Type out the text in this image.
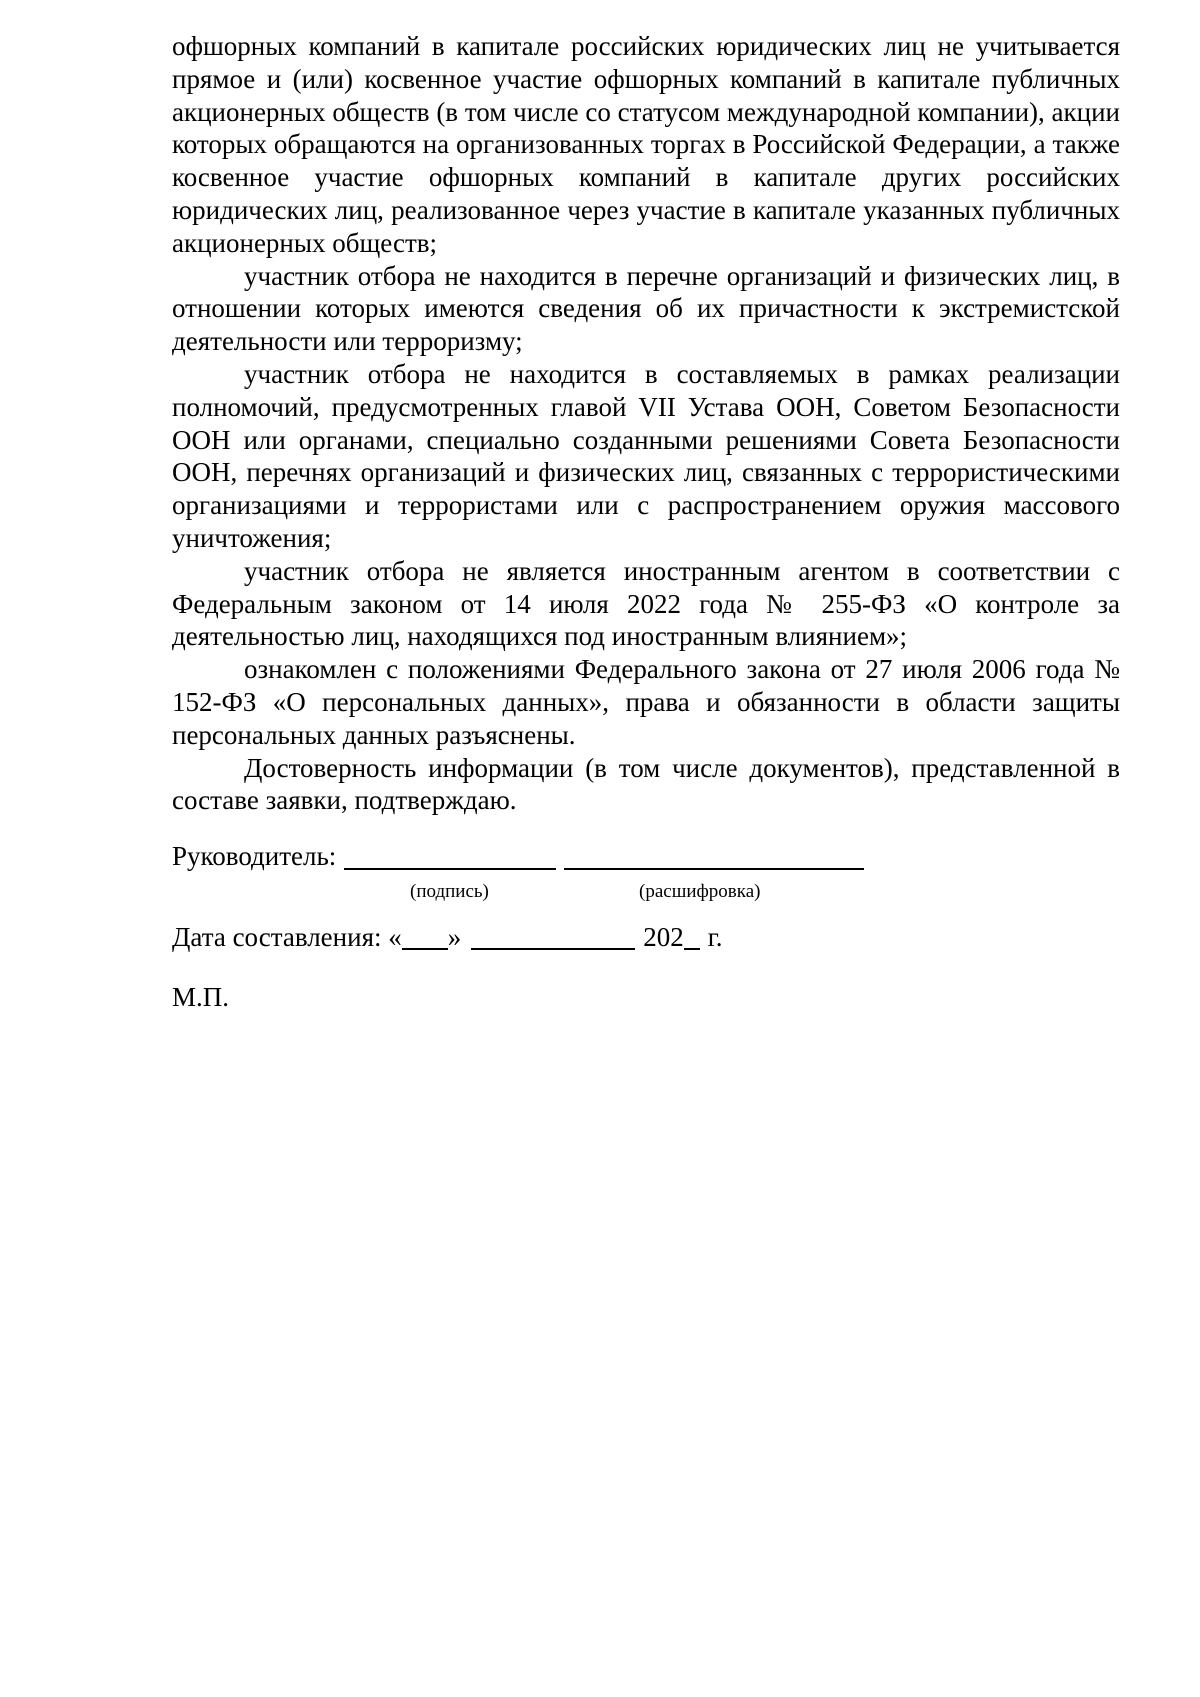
офшорных компаний в капитале российских юридических лиц не учитывается прямое и (или) косвенное участие офшорных компаний в капитале публичных акционерных обществ (в том числе со статусом международной компании), акции которых обращаются на организованных торгах в Российской Федерации, а также косвенное участие офшорных компаний в капитале других российских юридических лиц, реализованное через участие в капитале указанных публичных акционерных обществ;

участник отбора не находится в перечне организаций и физических лиц, в отношении которых имеются сведения об их причастности к экстремистской деятельности или терроризму;

участник отбора не находится в составляемых в рамках реализации полномочий, предусмотренных главой VII Устава ООН, Советом Безопасности ООН или органами, специально созданными решениями Совета Безопасности ООН, перечнях организаций и физических лиц, связанных с террористическими организациями и террористами или с распространением оружия массового уничтожения;

участник отбора не является иностранным агентом в соответствии с Федеральным законом от 14 июля 2022 года № 255-ФЗ «О контроле за деятельностью лиц, находящихся под иностранным влиянием»;

ознакомлен с положениями Федерального закона от 27 июля 2006 года № 152-ФЗ «О персональных данных», права и обязанности в области защиты персональных данных разъяснены.

Достоверность информации (в том числе документов), представленной в составе заявки, подтверждаю.

Руководитель:
(подпись)	(расшифровка)
Дата составления: « »	202 г.
М.П.
